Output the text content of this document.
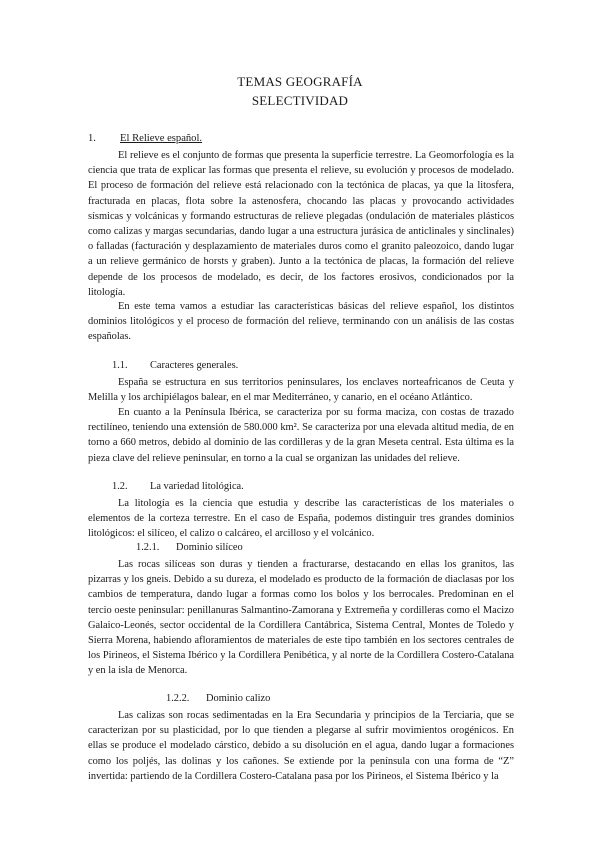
TEMAS GEOGRAFÍA
SELECTIVIDAD
1. El Relieve español.

El relieve es el conjunto de formas que presenta la superficie terrestre. La Geomorfología es la ciencia que trata de explicar las formas que presenta el relieve, su evolución y procesos de modelado. El proceso de formación del relieve está relacionado con la tectónica de placas, ya que la litosfera, fracturada en placas, flota sobre la astenosfera, chocando las placas y provocando actividades sísmicas y volcánicas y formando estructuras de relieve plegadas (ondulación de materiales plásticos como calizas y margas secundarias, dando lugar a una estructura jurásica de anticlinales y sinclinales) o falladas (facturación y desplazamiento de materiales duros como el granito paleozoico, dando lugar a un relieve germánico de horsts y graben). Junto a la tectónica de placas, la formación del relieve depende de los procesos de modelado, es decir, de los factores erosivos, condicionados por la litología.

En este tema vamos a estudiar las características básicas del relieve español, los distintos dominios litológicos y el proceso de formación del relieve, terminando con un análisis de las costas españolas.

1.1. Caracteres generales.

España se estructura en sus territorios peninsulares, los enclaves norteafricanos de Ceuta y Melilla y los archipiélagos balear, en el mar Mediterráneo, y canario, en el océano Atlántico.

En cuanto a la Península Ibérica, se caracteriza por su forma maciza, con costas de trazado rectilíneo, teniendo una extensión de 580.000 km². Se caracteriza por una elevada altitud media, de en torno a 660 metros, debido al dominio de las cordilleras y de la gran Meseta central. Esta última es la pieza clave del relieve peninsular, en torno a la cual se organizan las unidades del relieve.

1.2. La variedad litológica.

La litología es la ciencia que estudia y describe las características de los materiales o elementos de la corteza terrestre. En el caso de España, podemos distinguir tres grandes dominios litológicos: el silíceo, el calizo o calcáreo, el arcilloso y el volcánico.

1.2.1. Dominio silíceo

Las rocas silíceas son duras y tienden a fracturarse, destacando en ellas los granitos, las pizarras y los gneis. Debido a su dureza, el modelado es producto de la formación de diaclasas por los cambios de temperatura, dando lugar a formas como los bolos y los berrocales. Predominan en el tercio oeste peninsular: penillanuras Salmantino-Zamorana y Extremeña y cordilleras como el Macizo Galaico-Leonés, sector occidental de la Cordillera Cantábrica, Sistema Central, Montes de Toledo y Sierra Morena, habiendo afloramientos de materiales de este tipo también en los sectores centrales de los Pirineos, el Sistema Ibérico y la Cordillera Penibética, y al norte de la Cordillera Costero-Catalana y en la isla de Menorca.

1.2.2. Dominio calizo

Las calizas son rocas sedimentadas en la Era Secundaria y principios de la Terciaria, que se caracterizan por su plasticidad, por lo que tienden a plegarse al sufrir movimientos orogénicos. En ellas se produce el modelado cárstico, debido a su disolución en el agua, dando lugar a formaciones como los poljés, las dolinas y los cañones. Se extiende por la península con una forma de “Z” invertida: partiendo de la Cordillera Costero-Catalana pasa por los Pirineos, el Sistema Ibérico y la
